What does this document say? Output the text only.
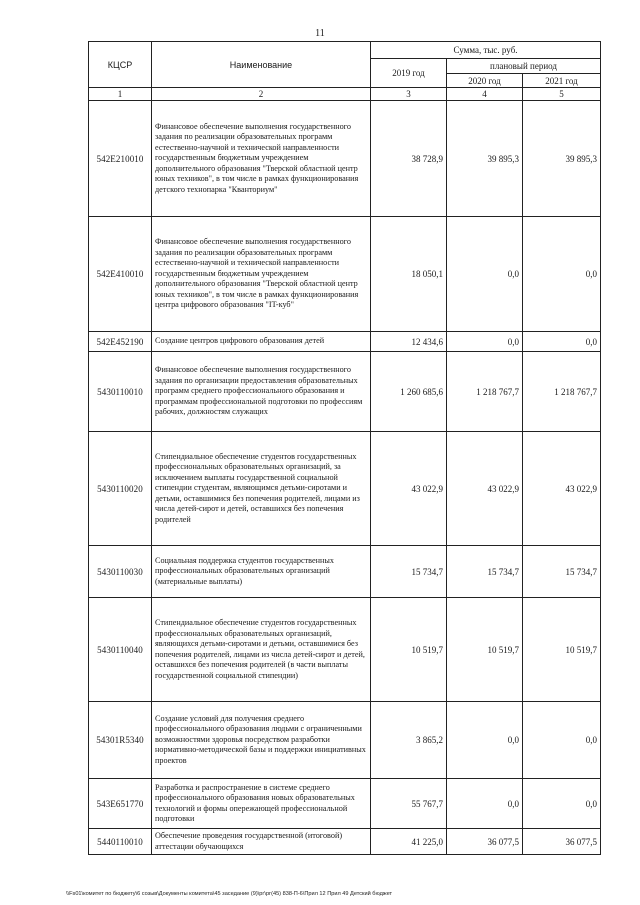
11
КЦСР	Наименование	Сумма, тыс. руб.		
		2019 год	плановый период	
			2020 год	2021 год
1	2	3	4	5
542E210010	Финансовое обеспечение выполнения государственного задания по реализации образовательных программ естественно-научной и технической направленности государственным бюджетным учреждением дополнительного образования "Тверской областной центр юных техников", в том числе в рамках функционирования детского технопарка "Кванториум"	38 728,9	39 895,3	39 895,3
542E410010	Финансовое обеспечение выполнения государственного задания по реализации образовательных программ естественно-научной и технической направленности государственным бюджетным учреждением дополнительного образования "Тверской областной центр юных техников", в том числе в рамках функционирования центра цифрового образования "IT-куб"	18 050,1	0,0	0,0
542E452190	Создание центров цифрового образования детей	12 434,6	0,0	0,0
5430110010	Финансовое обеспечение выполнения государственного задания по организации предоставления образовательных программ среднего профессионального образования и программам профессиональной подготовки по профессиям рабочих, должностям служащих	1 260 685,6	1 218 767,7	1 218 767,7
5430110020	Стипендиальное обеспечение студентов государственных профессиональных образовательных организаций, за исключением выплаты государственной социальной стипендии студентам, являющимся детьми-сиротами и детьми, оставшимися без попечения родителей, лицами из числа детей-сирот и детей, оставшихся без попечения родителей	43 022,9	43 022,9	43 022,9
5430110030	Социальная поддержка студентов государственных профессиональных образовательных организаций (материальные выплаты)	15 734,7	15 734,7	15 734,7
5430110040	Стипендиальное обеспечение студентов государственных профессиональных образовательных организаций, являющихся детьми-сиротами и детьми, оставшимися без попечения родителей, лицами из числа детей-сирот и детей, оставшихся без попечения родителей (в части выплаты государственной социальной стипендии)	10 519,7	10 519,7	10 519,7
54301R5340	Создание условий для получения среднего профессионального образования людьми с ограниченными возможностями здоровья посредством разработки нормативно-методической базы и поддержки инициативных проектов	3 865,2	0,0	0,0
543E651770	Разработка и распространение в системе среднего профессионального образования новых образовательных технологий и формы опережающей профессиональной подготовки	55 767,7	0,0	0,0
5440110010	Обеспечение проведения государственной (итоговой) аттестации обучающихся	41 225,0	36 077,5	36 077,5
\\Fs01\комитет по бюджету\6 созыв\Документы комитета\45 заседание (9)\рг\рг(45) 838-П-6\Прил 12 Прил 49 Детский бюджет
